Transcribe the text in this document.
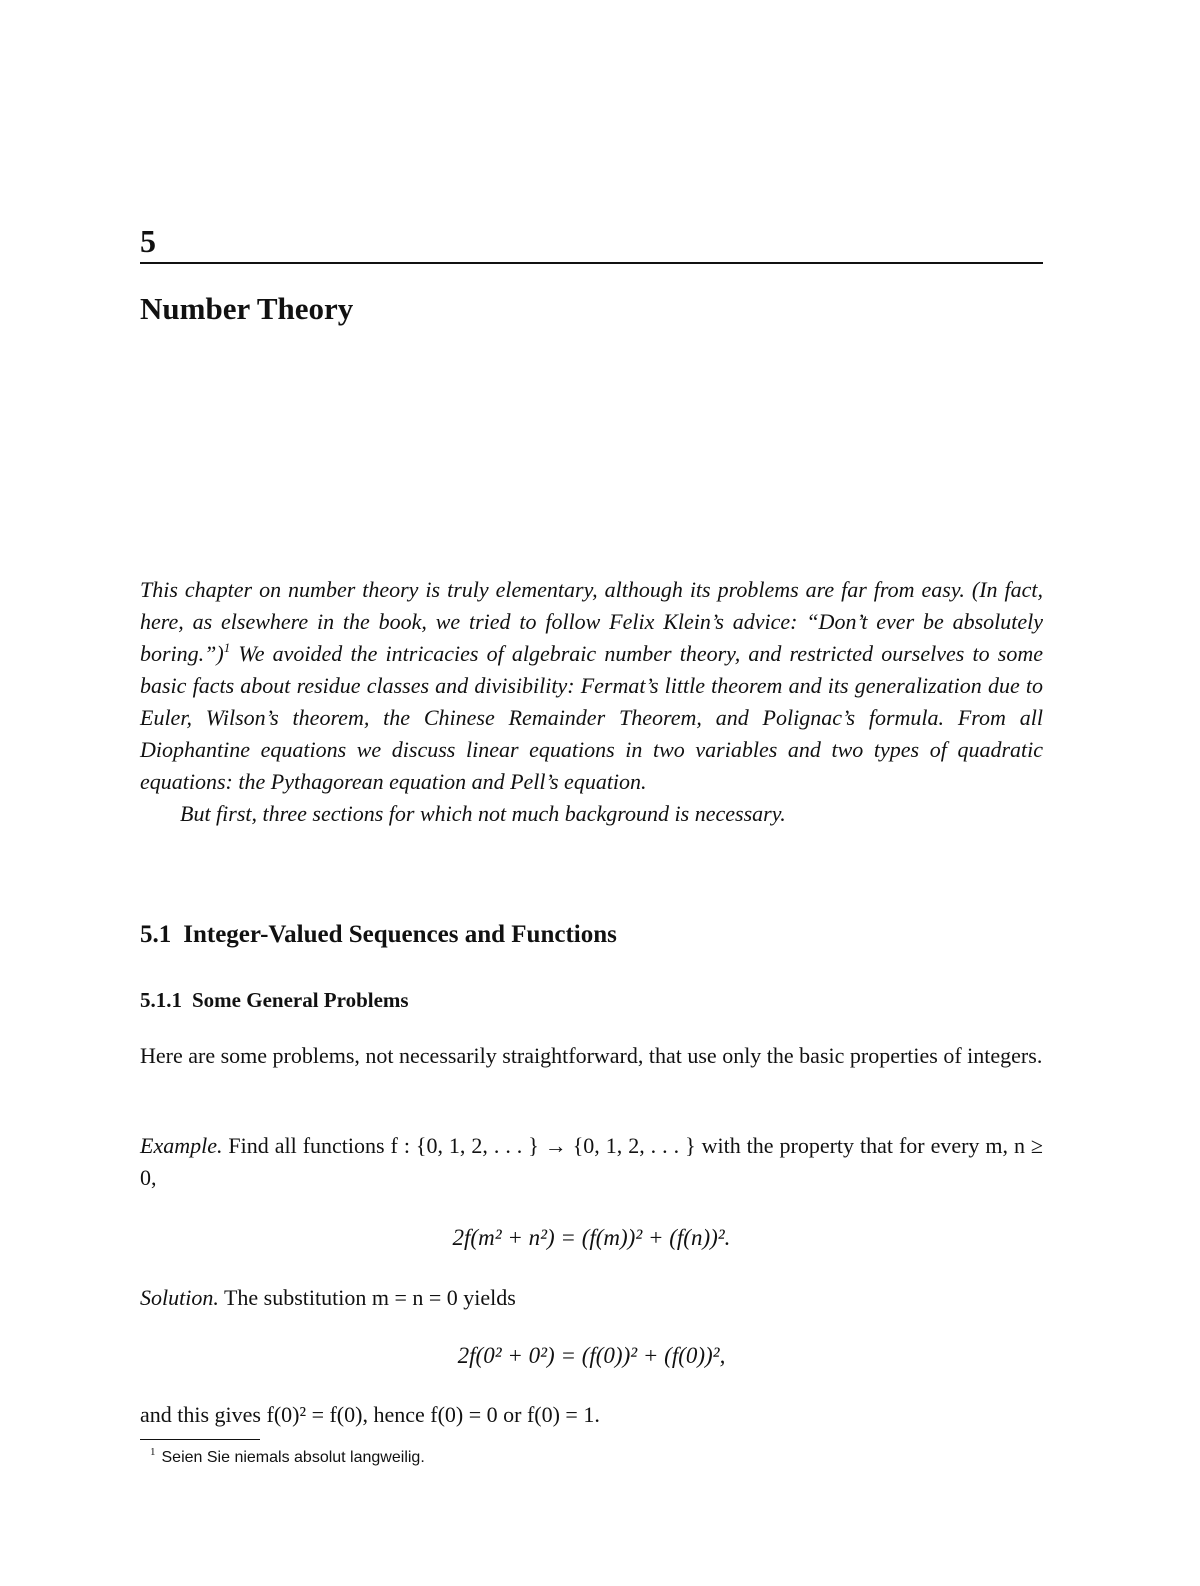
5
Number Theory

This chapter on number theory is truly elementary, although its problems are far from easy. (In fact, here, as elsewhere in the book, we tried to follow Felix Klein’s advice: “Don’t ever be absolutely boring.”)$^1$ We avoided the intricacies of algebraic number theory, and restricted ourselves to some basic facts about residue classes and divisibility: Fermat’s little theorem and its generalization due to Euler, Wilson’s theorem, the Chinese Remainder Theorem, and Polignac’s formula. From all Diophantine equations we discuss linear equations in two variables and two types of quadratic equations: the Pythagorean equation and Pell’s equation.

But first, three sections for which not much background is necessary.

5.1 Integer-Valued Sequences and Functions
5.1.1 Some General Problems
Here are some problems, not necessarily straightforward, that use only the basic properties of integers.
Example. Find all functions f : {0, 1, 2, . . . } → {0, 1, 2, . . . } with the property that for every m, n ≥ 0,
2f(m² + n²) = (f(m))² + (f(n))².
Solution. The substitution m = n = 0 yields
2f(0² + 0²) = (f(0))² + (f(0))²,
and this gives f(0)² = f(0), hence f(0) = 0 or f(0) = 1.
$^1$ Seien Sie niemals absolut langweilig.
